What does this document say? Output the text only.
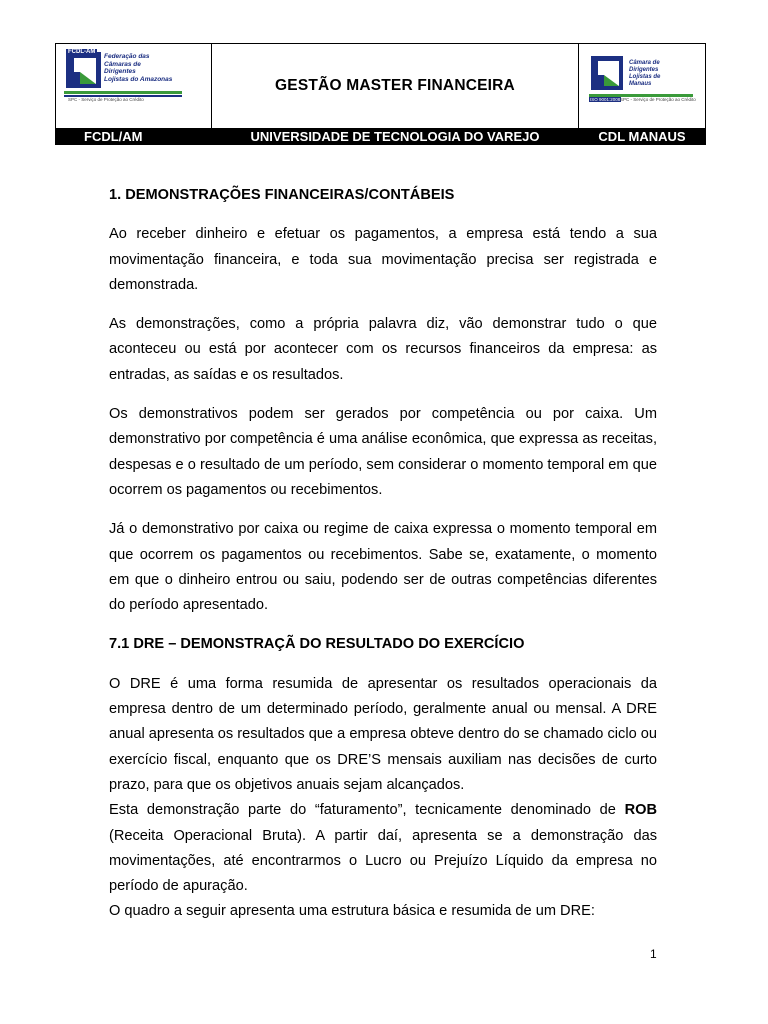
FCDL-AM
Federação das
Câmaras de
Dirigentes
Lojistas do Amazonas
SPC - Serviço de Proteção ao Crédito
GESTÃO MASTER FINANCEIRA
Câmara de
Dirigentes
Lojistas de
Manaus
ISO 9001:2008 SPC - Serviço de Proteção ao Crédito
FCDL/AM	UNIVERSIDADE DE TECNOLOGIA DO VAREJO	CDL MANAUS
1. DEMONSTRAÇÕES FINANCEIRAS/CONTÁBEIS

Ao receber dinheiro e efetuar os pagamentos, a empresa está tendo a sua movimentação financeira, e toda sua movimentação precisa ser registrada e demonstrada.

As demonstrações, como a própria palavra diz, vão demonstrar tudo o que aconteceu ou está por acontecer com os recursos financeiros da empresa: as entradas, as saídas e os resultados.

Os demonstrativos podem ser gerados por competência ou por caixa. Um demonstrativo por competência é uma análise econômica, que expressa as receitas, despesas e o resultado de um período, sem considerar o momento temporal em que ocorrem os pagamentos ou recebimentos.

Já o demonstrativo por caixa ou regime de caixa expressa o momento temporal em que ocorrem os pagamentos ou recebimentos. Sabe se, exatamente, o momento em que o dinheiro entrou ou saiu, podendo ser de outras competências diferentes do período apresentado.

7.1 DRE – DEMONSTRAÇÃ DO RESULTADO DO EXERCÍCIO

O DRE é uma forma resumida de apresentar os resultados operacionais da empresa dentro de um determinado período, geralmente anual ou mensal. A DRE anual apresenta os resultados que a empresa obteve dentro do se chamado ciclo ou exercício fiscal, enquanto que os DRE’S mensais auxiliam nas decisões de curto prazo, para que os objetivos anuais sejam alcançados.

Esta demonstração parte do “faturamento”, tecnicamente denominado de ROB (Receita Operacional Bruta). A partir daí, apresenta se a demonstração das movimentações, até encontrarmos o Lucro ou Prejuízo Líquido da empresa no período de apuração.

O quadro a seguir apresenta uma estrutura básica e resumida de um DRE:

1
